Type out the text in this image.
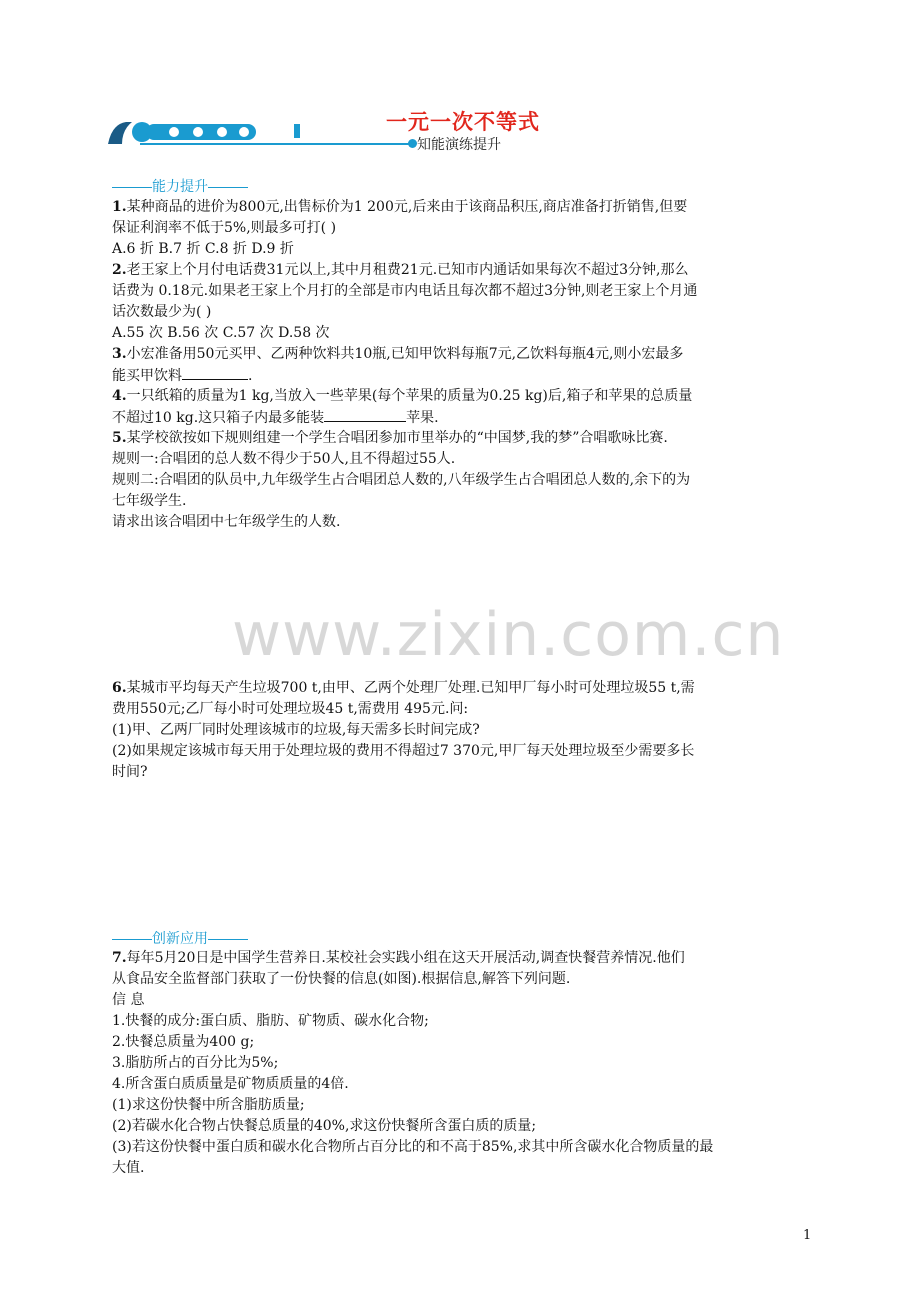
一元一次不等式
知能演练提升
能力提升
1.某种商品的进价为800元,出售标价为1 200元,后来由于该商品积压,商店准备打折销售,但要
保证利润率不低于5%,则最多可打( )
A.6 折 B.7 折 C.8 折 D.9 折
2.老王家上个月付电话费31元以上,其中月租费21元.已知市内通话如果每次不超过3分钟,那么
话费为 0.18元.如果老王家上个月打的全部是市内电话且每次都不超过3分钟,则老王家上个月通
话次数最少为( )
A.55 次 B.56 次 C.57 次 D.58 次
3.小宏准备用50元买甲、乙两种饮料共10瓶,已知甲饮料每瓶7元,乙饮料每瓶4元,则小宏最多
能买甲饮料	.
4.一只纸箱的质量为1 kg,当放入一些苹果(每个苹果的质量为0.25 kg)后,箱子和苹果的总质量
不超过10 kg.这只箱子内最多能装	苹果.
5.某学校欲按如下规则组建一个学生合唱团参加市里举办的“中国梦,我的梦”合唱歌咏比赛.
规则一:合唱团的总人数不得少于50人,且不得超过55人.
规则二:合唱团的队员中,九年级学生占合唱团总人数的,八年级学生占合唱团总人数的,余下的为
七年级学生.
请求出该合唱团中七年级学生的人数.
www.zixin.com.cn
6.某城市平均每天产生垃圾700 t,由甲、乙两个处理厂处理.已知甲厂每小时可处理垃圾55 t,需
费用550元;乙厂每小时可处理垃圾45 t,需费用 495元.问:
(1)甲、乙两厂同时处理该城市的垃圾,每天需多长时间完成?
(2)如果规定该城市每天用于处理垃圾的费用不得超过7 370元,甲厂每天处理垃圾至少需要多长
时间?
创新应用
7.每年5月20日是中国学生营养日.某校社会实践小组在这天开展活动,调查快餐营养情况.他们
从食品安全监督部门获取了一份快餐的信息(如图).根据信息,解答下列问题.
信 息
1.快餐的成分:蛋白质、脂肪、矿物质、碳水化合物;
2.快餐总质量为400 g;
3.脂肪所占的百分比为5%;
4.所含蛋白质质量是矿物质质量的4倍.
(1)求这份快餐中所含脂肪质量;
(2)若碳水化合物占快餐总质量的40%,求这份快餐所含蛋白质的质量;
(3)若这份快餐中蛋白质和碳水化合物所占百分比的和不高于85%,求其中所含碳水化合物质量的最
大值.
1
